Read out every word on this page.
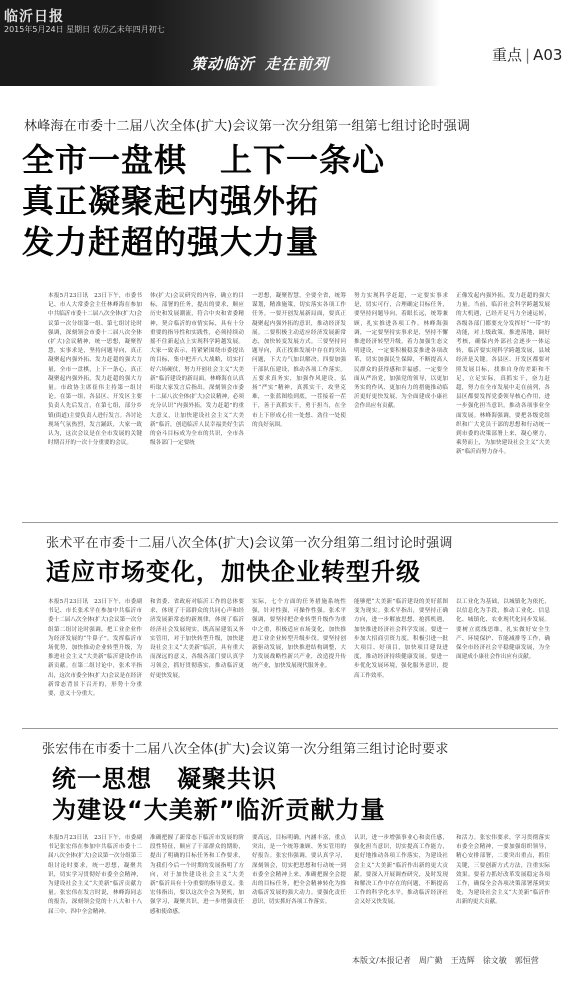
临沂日报
2015年5月24日 星期日 农历乙未年四月初七
策动临沂 走在前列	重点 | A03
林峰海在市委十二届八次全体(扩大)会议第一次分组第一组第七组讨论时强调
全市一盘棋　上下一条心
真正凝聚起内强外拓
发力赶超的强大力量
本报5月23日讯　23日下午，市委书记、市人大常委会主任林峰海在参加中共临沂市委十二届八次全体(扩大)会议第一次分组第一组、第七组讨论时强调，深刻领会市委十二届八次全体(扩大)会议精神，统一思想，凝聚智慧，实事求是，坚持问题导向，真正凝聚起内强外拓、发力赶超的强大力量，全市一盘棋，上下一条心，真正凝聚起内强外拓，发力赶超的强大力量。市政协主席崔伟主持第一组讨论。在第一组，各县区、开发区主要负责人先后发言，在第七组，部分乡镇(街道)主要负责人进行发言。各讨论现场气氛热烈，发言踊跃，大家一致认为，这次会议是在全市发展的关键时期召开的一次十分重要的会议。
体(扩大)会议研究的内容，确立的目标，部署的任务，提出的要求，顺应历史和发展潮流，符合中央和省委精神，契合临沂的市情实际，具有十分重要的指导性和实践性，必须持续动摇不住新起点上实现科学跨越发展。大家一致表示，将紧紧围绕市委提出的目标，集中把开八大战略，切实打好六场硬仗，努力开创社会主义“大美新”临沂建设的新局面。林峰海在认真听取大家发言后指出，深刻领会市委十二届八次全体(扩大)会议精神，必须充分认识“内强外拓，发力赶超”的重大意义，让加快建设社会主义“大美新”临沂，创造临沂人民幸福美好生活的奋斗目标成为全市的共识，全市各级各部门一定要统
一思想，凝聚智慧，全要全省，统筹谋划，精准施策，切实落实各项工作任务。一要开创发展新局面，要真正凝聚起内强外拓的意识，推动经济发展。二要积极主动适应经济发展新常态，加快转变发展方式。三要坚持问题导向，真正找准发展中存在的突出问题，下大力气加以解决。四要加强干部队伍建设，推动各项工作落实。五要求真务实，加强作风建设，弘扬“严实”精神，真抓实干，攻坚克难，一张蓝图绘到底，一茬接着一茬干，善于真抓实干，勇于担当，在全市上下形成心往一处想、劲往一处使的良好氛围。
努力实现科学赶超，一定要实事求是，切实可行，合理确定目标任务，要坚持问题导向，着眼长远，统筹兼顾，扎实推进各项工作。林峰海强调，一定要坚持实事求是，坚持不懈推进经济转型升级，着力加强生态文明建设，一定要积极稳妥推进各项改革，切实加强民生保障，不断提高人民群众的获得感和幸福感。一定要全面从严治党，加强党的领导，以更加务实的作风、更加有力的措施推动临沂更好更快发展，为全面建成小康社会作出应有贡献。
正像发起内强外拓，发力赶超的强大力量。当前，临沂社会科学跨越发展的大机遇，已经开足马力全速运转，各级各部门都要充分发挥好“一带”的功能，对上级政策，推进落地，调好考核，确保内外部社会逐步一体运转，临沂要实现科学跨越发展，县域经济是关键。各县区、开发区都要对照发展目标，找准自身的差距和不足，立足实际，真抓实干，奋力赶超，努力在全市发展中走在前列，各县区都要发挥党委领导核心作用，进一步强化担当意识，推动各项事业全面发展。林峰海强调，要把各级党组织和广大党员干部的思想和行动统一到市委的决策部署上来，凝心聚力，乘势而上，为加快建设社会主义“大美新”临沂而努力奋斗。
张术平在市委十二届八次全体(扩大)会议第一次分组第二组讨论时强调
适应市场变化，加快企业转型升级
本报5月23日讯　23日下午，市委副书记、市长张术平在参加中共临沂市委十二届八次全体(扩大)会议第一次分组第二组讨论时强调，把工业企业作为经济发展的“牛鼻子”，发挥临沂市场优势，加快推动企业转型升级，为推进社会主义“大美新”临沂建设作出新贡献。在第二组讨论中，张术平指出，这次市委全体(扩大)会议是在经济新常态背景下召开的，形势十分重要，意义十分重大。
和省委、省政府对临沂工作的总体要求，体现了干部群众的共同心声和经济发展新常态的新规律，体现了临沂经济社会发展现实，既高屋建瓴又务实管用，对于加快转型升级，加快建设社会主义“大美新”临沂，具有重大而深远的意义，各级各部门要认真学习领会，抓好贯彻落实，推动临沂更好更快发展。
实际，七个方面的任务措施系统性强，针对性强，可操作性强。张术平强调，要坚持把企业转型升级作为重中之重，积极适应市场变化，加快推进工业企业转型升级步伐。要坚持创新驱动发展，加快推进结构调整，大力发展战略性新兴产业，改造提升传统产业，加快发展现代服务业。
能够把“大美新”临沂建设的美好蓝图变为现实。张术平指出，要坚持正确方向，进一步解放思想，抢抓机遇，加快推进经济社会科学发展。要进一步加大招商引资力度，积极引进一批大项目、好项目，加快项目建设进度，推动经济持续健康发展。要进一步优化发展环境，强化服务意识，提高工作效率。
以工业化为基础，以城镇化为依托，以信息化为手段，推动工业化、信息化、城镇化、农业现代化同步发展。要树立底线思维，扎实做好安全生产、环境保护、节能减排等工作，确保全市经济社会平稳健康发展，为全面建成小康社会作出应有贡献。
张宏伟在市委十二届八次全体(扩大)会议第一次分组第三组讨论时要求
统一思想　凝聚共识
为建设“大美新”临沂贡献力量
本报5月23日讯　23日下午，市委副书记张宏伟在参加中共临沂市委十二届八次全体(扩大)会议第一次分组第三组讨论时要求，统一思想，凝聚共识，切实学习贯彻好市委全会精神，为建设社会主义“大美新”临沂贡献力量。张宏伟在发言时说，林峰海同志的报告，深刻领会党的十八大和十八届三中、四中全会精神。
准确把握了新常态下临沂市发展的阶段性特征，顺应了干部群众的期盼，提出了明确的目标任务和工作要求，为我们今后一个时期的发展指明了方向，对于加快建设社会主义“大美新”临沂具有十分重要的指导意义。张宏伟指出，要以这次全会为契机，加强学习，凝聚共识，进一步增强责任感和使命感。
要高远，目标明确，内涵丰富，重点突出，是一个统筹兼顾、务实管用的好报告。张宏伟强调，要认真学习，深刻领会，切实把思想和行动统一到市委全会精神上来，准确把握全会提出的目标任务，把全会精神转化为推动临沂发展的强大动力。要强化责任意识，切实抓好各项工作落实。
认识，进一步增强事业心和责任感，强化担当意识，切实提高工作能力，更好地推动各项工作落实，为建设社会主义“大美新”临沂作出新的更大贡献。要深入开展调查研究，及时发现和解决工作中存在的问题，不断提高工作的科学化水平，推动临沂经济社会又好又快发展。
和活力。张宏伟要求，学习贯彻落实市委全会精神，一要加强组织领导，精心安排部署，二要突出重点，抓住关键，三要创新方式方法，注重实际效果。要着力抓好改革发展稳定各项工作，确保全会各项决策部署落到实处，为建设社会主义“大美新”临沂作出新的更大贡献。
本版文/本报记者　周广勤　王选辉　徐文敏　郭恒营
